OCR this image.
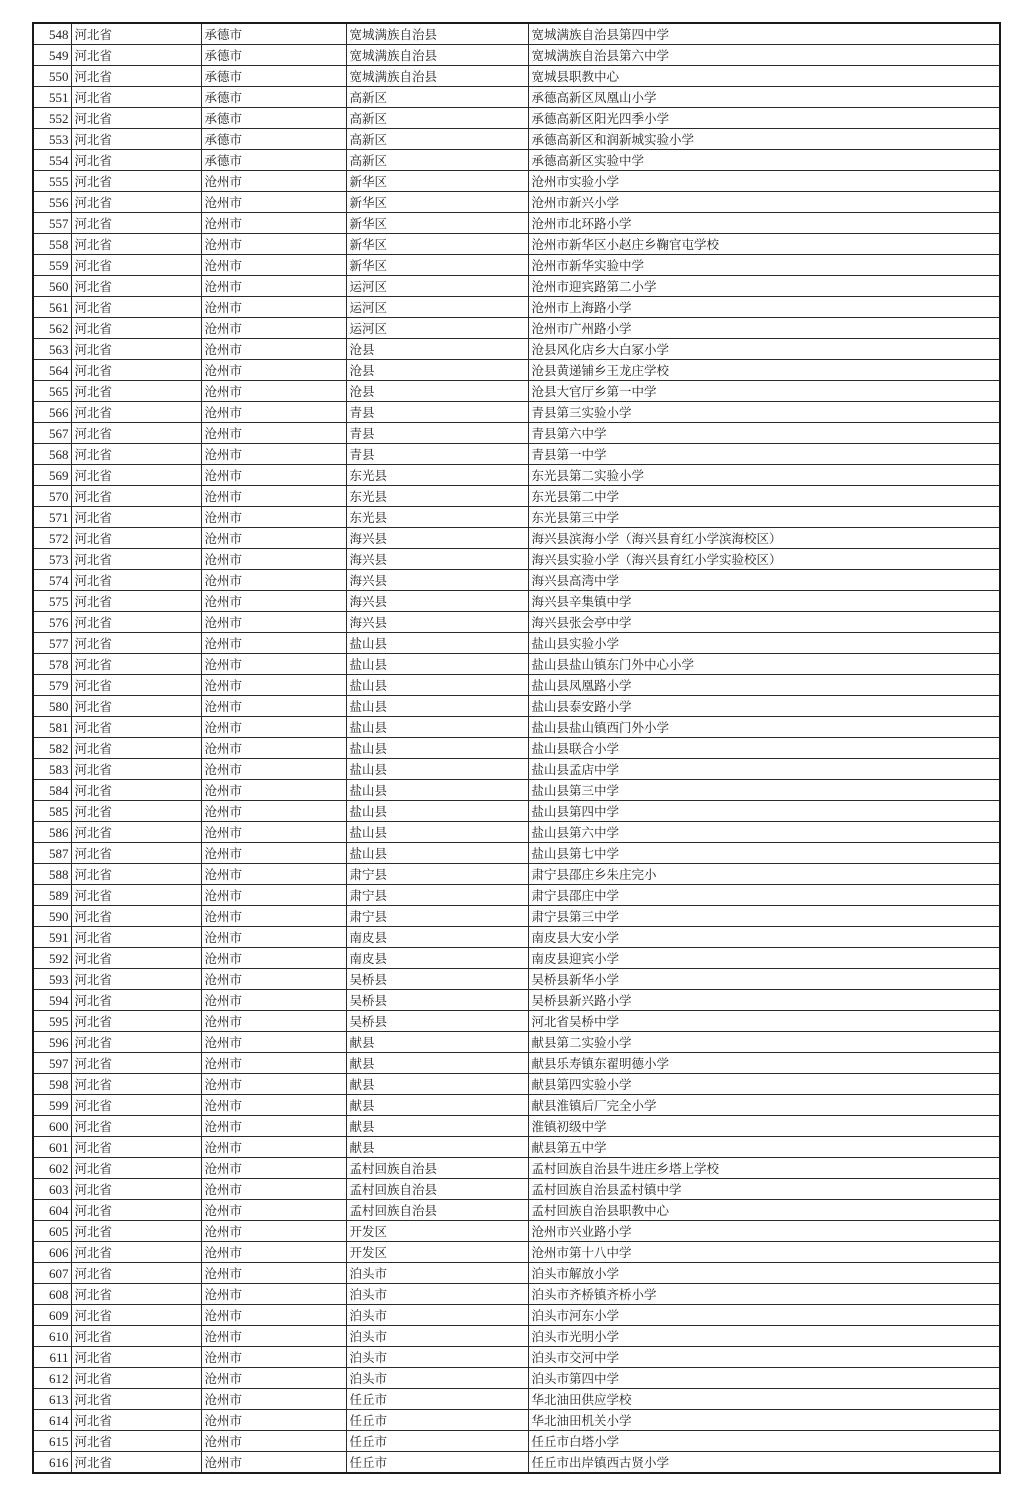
548	河北省	承德市	宽城满族自治县	宽城满族自治县第四中学
549	河北省	承德市	宽城满族自治县	宽城满族自治县第六中学
550	河北省	承德市	宽城满族自治县	宽城县职教中心
551	河北省	承德市	高新区	承德高新区凤凰山小学
552	河北省	承德市	高新区	承德高新区阳光四季小学
553	河北省	承德市	高新区	承德高新区和润新城实验小学
554	河北省	承德市	高新区	承德高新区实验中学
555	河北省	沧州市	新华区	沧州市实验小学
556	河北省	沧州市	新华区	沧州市新兴小学
557	河北省	沧州市	新华区	沧州市北环路小学
558	河北省	沧州市	新华区	沧州市新华区小赵庄乡鞠官屯学校
559	河北省	沧州市	新华区	沧州市新华实验中学
560	河北省	沧州市	运河区	沧州市迎宾路第二小学
561	河北省	沧州市	运河区	沧州市上海路小学
562	河北省	沧州市	运河区	沧州市广州路小学
563	河北省	沧州市	沧县	沧县风化店乡大白冢小学
564	河北省	沧州市	沧县	沧县黄递铺乡王龙庄学校
565	河北省	沧州市	沧县	沧县大官厅乡第一中学
566	河北省	沧州市	青县	青县第三实验小学
567	河北省	沧州市	青县	青县第六中学
568	河北省	沧州市	青县	青县第一中学
569	河北省	沧州市	东光县	东光县第二实验小学
570	河北省	沧州市	东光县	东光县第二中学
571	河北省	沧州市	东光县	东光县第三中学
572	河北省	沧州市	海兴县	海兴县滨海小学（海兴县育红小学滨海校区）
573	河北省	沧州市	海兴县	海兴县实验小学（海兴县育红小学实验校区）
574	河北省	沧州市	海兴县	海兴县高湾中学
575	河北省	沧州市	海兴县	海兴县辛集镇中学
576	河北省	沧州市	海兴县	海兴县张会亭中学
577	河北省	沧州市	盐山县	盐山县实验小学
578	河北省	沧州市	盐山县	盐山县盐山镇东门外中心小学
579	河北省	沧州市	盐山县	盐山县凤凰路小学
580	河北省	沧州市	盐山县	盐山县泰安路小学
581	河北省	沧州市	盐山县	盐山县盐山镇西门外小学
582	河北省	沧州市	盐山县	盐山县联合小学
583	河北省	沧州市	盐山县	盐山县孟店中学
584	河北省	沧州市	盐山县	盐山县第三中学
585	河北省	沧州市	盐山县	盐山县第四中学
586	河北省	沧州市	盐山县	盐山县第六中学
587	河北省	沧州市	盐山县	盐山县第七中学
588	河北省	沧州市	肃宁县	肃宁县邵庄乡朱庄完小
589	河北省	沧州市	肃宁县	肃宁县邵庄中学
590	河北省	沧州市	肃宁县	肃宁县第三中学
591	河北省	沧州市	南皮县	南皮县大安小学
592	河北省	沧州市	南皮县	南皮县迎宾小学
593	河北省	沧州市	吴桥县	吴桥县新华小学
594	河北省	沧州市	吴桥县	吴桥县新兴路小学
595	河北省	沧州市	吴桥县	河北省吴桥中学
596	河北省	沧州市	献县	献县第二实验小学
597	河北省	沧州市	献县	献县乐寿镇东翟明德小学
598	河北省	沧州市	献县	献县第四实验小学
599	河北省	沧州市	献县	献县淮镇后厂完全小学
600	河北省	沧州市	献县	淮镇初级中学
601	河北省	沧州市	献县	献县第五中学
602	河北省	沧州市	孟村回族自治县	孟村回族自治县牛进庄乡塔上学校
603	河北省	沧州市	孟村回族自治县	孟村回族自治县孟村镇中学
604	河北省	沧州市	孟村回族自治县	孟村回族自治县职教中心
605	河北省	沧州市	开发区	沧州市兴业路小学
606	河北省	沧州市	开发区	沧州市第十八中学
607	河北省	沧州市	泊头市	泊头市解放小学
608	河北省	沧州市	泊头市	泊头市齐桥镇齐桥小学
609	河北省	沧州市	泊头市	泊头市河东小学
610	河北省	沧州市	泊头市	泊头市光明小学
611	河北省	沧州市	泊头市	泊头市交河中学
612	河北省	沧州市	泊头市	泊头市第四中学
613	河北省	沧州市	任丘市	华北油田供应学校
614	河北省	沧州市	任丘市	华北油田机关小学
615	河北省	沧州市	任丘市	任丘市白塔小学
616	河北省	沧州市	任丘市	任丘市出岸镇西古贤小学
